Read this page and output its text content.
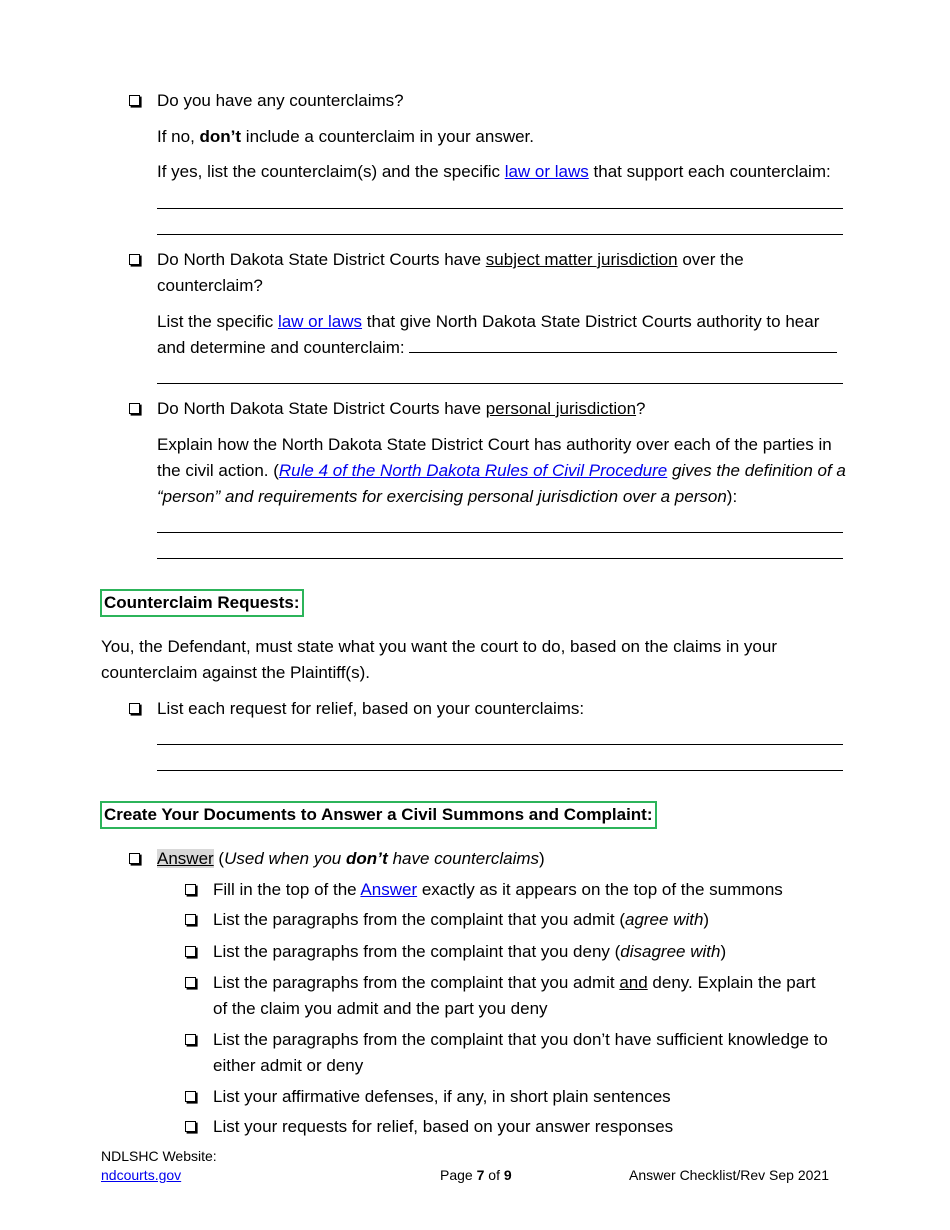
Do you have any counterclaims?
If no, don’t include a counterclaim in your answer.
If yes, list the counterclaim(s) and the specific law or laws that support each counterclaim:
Do North Dakota State District Courts have subject matter jurisdiction over the
counterclaim?
List the specific law or laws that give North Dakota State District Courts authority to hear
and determine and counterclaim:
Do North Dakota State District Courts have personal jurisdiction?
Explain how the North Dakota State District Court has authority over each of the parties in
the civil action. (Rule 4 of the North Dakota Rules of Civil Procedure gives the definition of a
“person” and requirements for exercising personal jurisdiction over a person):
Counterclaim Requests:
You, the Defendant, must state what you want the court to do, based on the claims in your
counterclaim against the Plaintiff(s).
List each request for relief, based on your counterclaims:
Create Your Documents to Answer a Civil Summons and Complaint:
Answer (Used when you don’t have counterclaims)
Fill in the top of the Answer exactly as it appears on the top of the summons
List the paragraphs from the complaint that you admit (agree with)
List the paragraphs from the complaint that you deny (disagree with)
List the paragraphs from the complaint that you admit and deny. Explain the part
of the claim you admit and the part you deny
List the paragraphs from the complaint that you don’t have sufficient knowledge to
either admit or deny
List your affirmative defenses, if any, in short plain sentences
List your requests for relief, based on your answer responses
NDLSHC Website:
ndcourts.gov	Page 7 of 9	Answer Checklist/Rev Sep 2021
